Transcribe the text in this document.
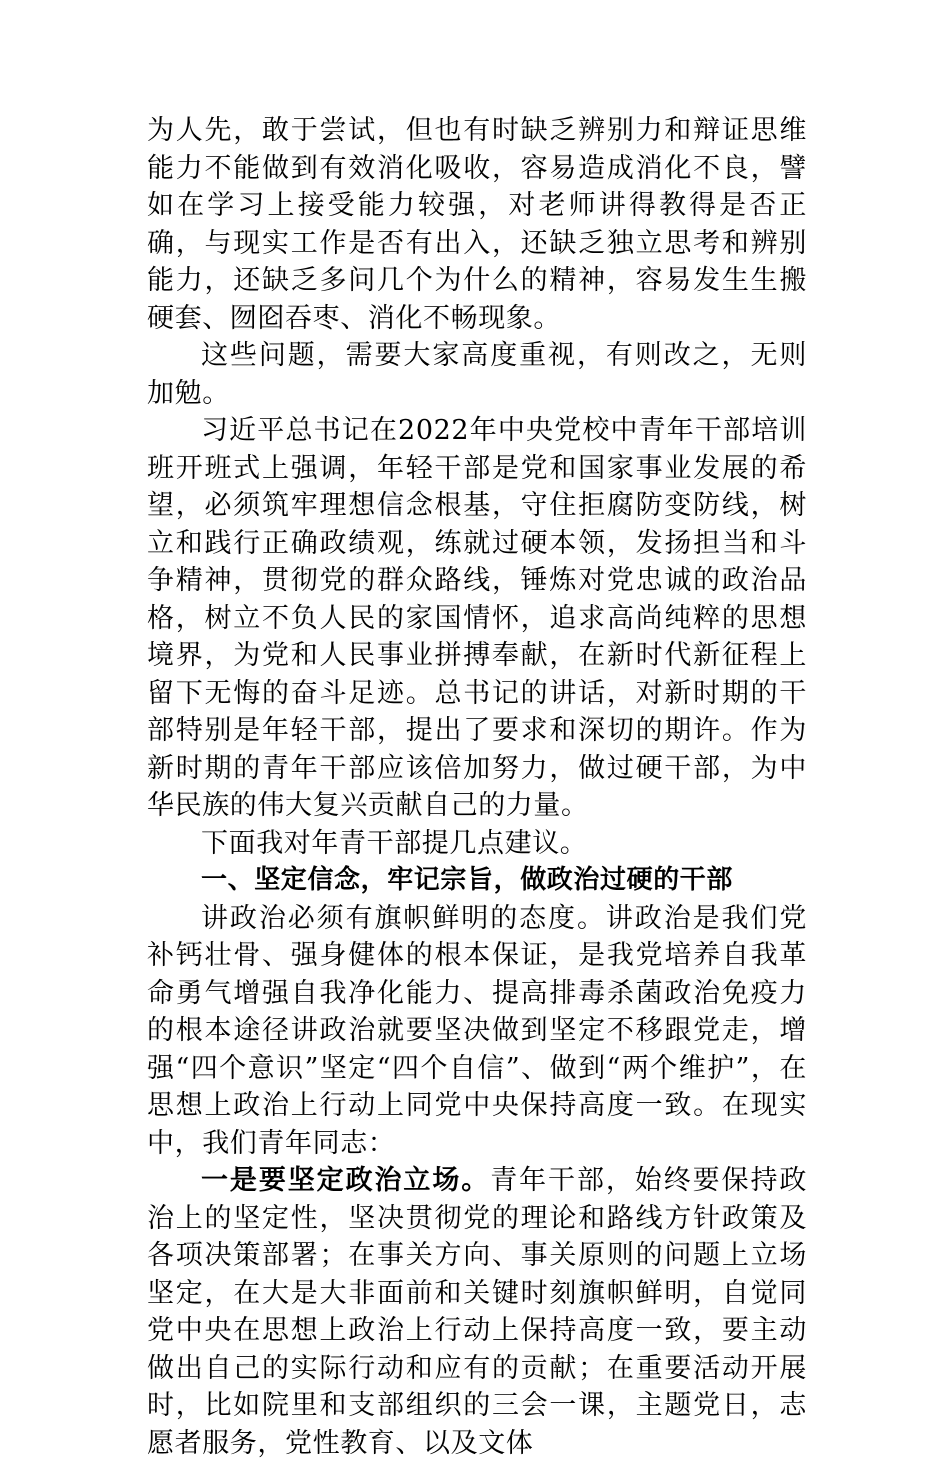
为人先，敢于尝试，但也有时缺乏辨别力和辩证思维能力不能做到有效消化吸收，容易造成消化不良，譬如在学习上接受能力较强，对老师讲得教得是否正确，与现实工作是否有出入，还缺乏独立思考和辨别能力，还缺乏多问几个为什么的精神，容易发生生搬硬套、囫囵吞枣、消化不畅现象。

这些问题，需要大家高度重视，有则改之，无则加勉。

习近平总书记在2022年中央党校中青年干部培训班开班式上强调，年轻干部是党和国家事业发展的希望，必须筑牢理想信念根基，守住拒腐防变防线，树立和践行正确政绩观，练就过硬本领，发扬担当和斗争精神，贯彻党的群众路线，锤炼对党忠诚的政治品格，树立不负人民的家国情怀，追求高尚纯粹的思想境界，为党和人民事业拼搏奉献，在新时代新征程上留下无悔的奋斗足迹。总书记的讲话，对新时期的干部特别是年轻干部，提出了要求和深切的期许。作为新时期的青年干部应该倍加努力，做过硬干部，为中华民族的伟大复兴贡献自己的力量。

下面我对年青干部提几点建议。

一、坚定信念，牢记宗旨，做政治过硬的干部

讲政治必须有旗帜鲜明的态度。讲政治是我们党补钙壮骨、强身健体的根本保证，是我党培养自我革命勇气增强自我净化能力、提高排毒杀菌政治免疫力的根本途径讲政治就要坚决做到坚定不移跟党走，增强“四个意识”坚定“四个自信”、做到“两个维护”，在思想上政治上行动上同党中央保持高度一致。在现实中，我们青年同志：

一是要坚定政治立场。青年干部，始终要保持政治上的坚定性，坚决贯彻党的理论和路线方针政策及各项决策部署；在事关方向、事关原则的问题上立场坚定，在大是大非面前和关键时刻旗帜鲜明，自觉同党中央在思想上政治上行动上保持高度一致，要主动做出自己的实际行动和应有的贡献；在重要活动开展时，比如院里和支部组织的三会一课，主题党日，志愿者服务，党性教育、以及文体
